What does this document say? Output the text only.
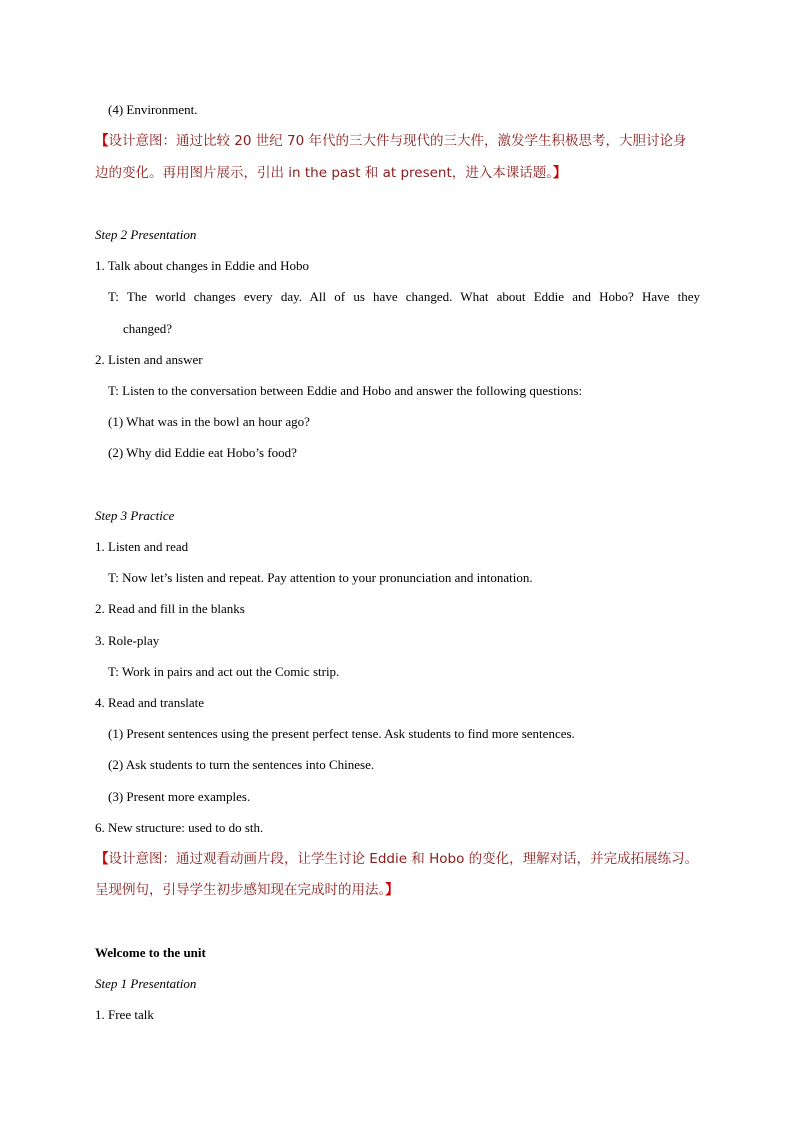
(4) Environment.
【设计意图：通过比较 20 世纪 70 年代的三大件与现代的三大件，激发学生积极思考，大胆讨论身
边的变化。再用图片展示，引出 in the past 和 at present，进入本课话题。】
Step 2 Presentation
1. Talk about changes in Eddie and Hobo
T: The world changes every day. All of us have changed. What about Eddie and Hobo? Have they
changed?
2. Listen and answer
T: Listen to the conversation between Eddie and Hobo and answer the following questions:
(1) What was in the bowl an hour ago?
(2) Why did Eddie eat Hobo’s food?
Step 3 Practice
1. Listen and read
T: Now let’s listen and repeat. Pay attention to your pronunciation and intonation.
2. Read and fill in the blanks
3. Role-play
T: Work in pairs and act out the Comic strip.
4. Read and translate
(1) Present sentences using the present perfect tense. Ask students to find more sentences.
(2) Ask students to turn the sentences into Chinese.
(3) Present more examples.
6. New structure: used to do sth.
【设计意图：通过观看动画片段，让学生讨论 Eddie 和 Hobo 的变化，理解对话，并完成拓展练习。
呈现例句，引导学生初步感知现在完成时的用法。】
Welcome to the unit
Step 1 Presentation
1. Free talk
